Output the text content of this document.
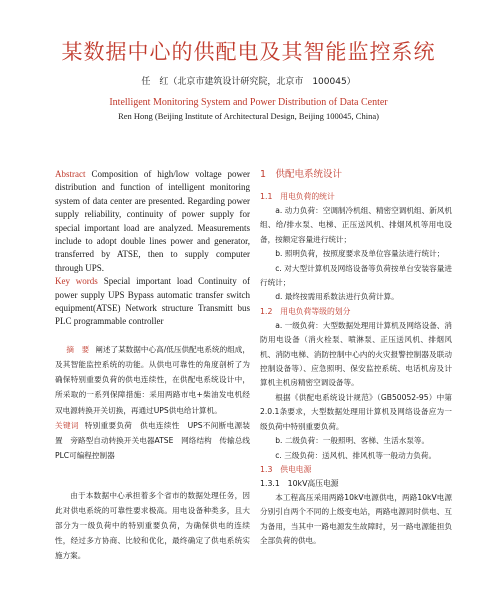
某数据中心的供配电及其智能监控系统
任　红（北京市建筑设计研究院，北京市　100045）
Intelligent Monitoring System and Power Distribution of Data Center
Ren Hong (Beijing Institute of Architectural Design, Beijing 100045, China)

Abstract Composition of high/low voltage power distribution and function of intelligent monitoring system of data center are presented. Regarding power supply reliability, continuity of power supply for special important load are analyzed. Measurements include to adopt double lines power and generator, transferred by ATSE, then to supply computer through UPS.

Key words Special important load Continuity of power supply UPS Bypass automatic transfer switch equipment(ATSE) Network structure Transmitt bus PLC programmable controller

摘　要 阐述了某数据中心高/低压供配电系统的组成，及其智能监控系统的功能。从供电可靠性的角度剖析了为确保特别重要负荷的供电连续性，在供配电系统设计中，所采取的一系列保障措施：采用两路市电+柴油发电机经双电源转换开关切换，再通过UPS供电给计算机。

关键词 特别重要负荷　供电连续性　UPS不间断电源装置　旁路型自动转换开关电器ATSE　网络结构　传输总线　PLC可编程控制器

由于本数据中心承担着多个省市的数据处理任务，因此对供电系统的可靠性要求极高。用电设备种类多，且大部分为一级负荷中的特别重要负荷，为确保供电的连续性，经过多方协商、比较和优化，最终确定了供电系统实施方案。

1　供配电系统设计

1.1　用电负荷的统计

a. 动力负荷：空调制冷机组、精密空调机组、新风机组、给/排水泵、电梯、正压送风机、排烟风机等用电设备，按额定容量进行统计；

b. 照明负荷，按照度要求及单位容量法进行统计；

c. 对大型计算机及网络设备等负荷按单台安装容量进行统计；

d. 最终按需用系数法进行负荷计算。

1.2　用电负荷等级的划分

a. 一级负荷：大型数据处理用计算机及网络设备、消防用电设备（消火栓泵、喷淋泵、正压送风机、排烟风机、消防电梯、消防控制中心内的火灾报警控制器及联动控制设备等）、应急照明、保安监控系统、电话机房及计算机主机房精密空调设备等。

根据《供配电系统设计规范》（GB50052-95）中第2.0.1条要求，大型数据处理用计算机及网络设备应为一级负荷中特别重要负荷。

b. 二级负荷：一般照明、客梯、生活水泵等。

c. 三级负荷：送风机、排风机等一般动力负荷。

1.3　供电电源

1.3.1　10kV高压电源

本工程高压采用两路10kV电源供电，两路10kV电源分别引自两个不同的上级变电站，两路电源同时供电、互为备用，当其中一路电源发生故障时，另一路电源能担负全部负荷的供电。
